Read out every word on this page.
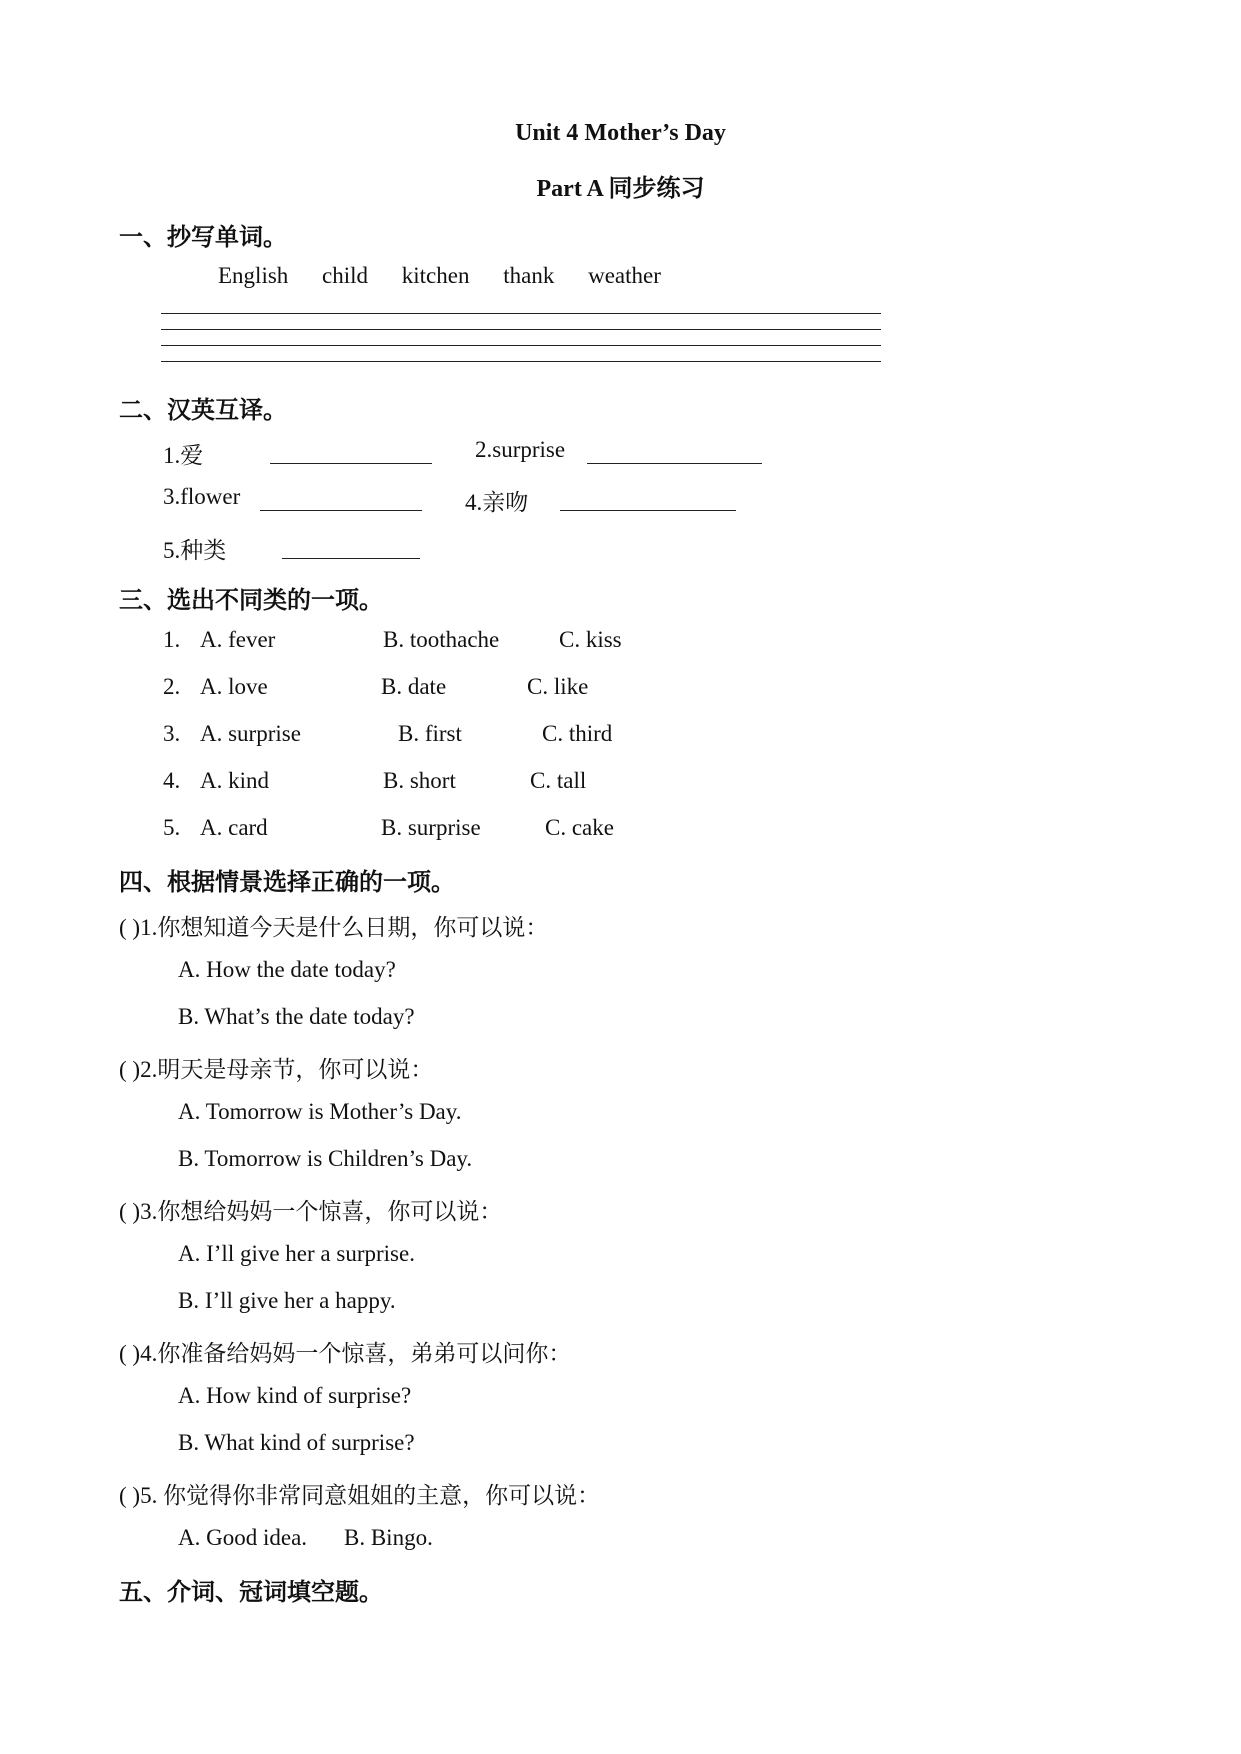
Unit 4 Mother’s Day
Part A 同步练习
一、抄写单词。
English child kitchen thank weather
二、汉英互译。
1.爱	2.surprise
3.flower	4.亲吻
5.种类
三、选出不同类的一项。
1. A. fever	B. toothache	C. kiss
2. A. love	B. date	C. like
3. A. surprise	B. first	C. third
4. A. kind	B. short	C. tall
5. A. card	B. surprise	C. cake
四、根据情景选择正确的一项。
( )1.你想知道今天是什么日期，你可以说：
A. How the date today?
B. What’s the date today?
( )2.明天是母亲节，你可以说：
A. Tomorrow is Mother’s Day.
B. Tomorrow is Children’s Day.
( )3.你想给妈妈一个惊喜，你可以说：
A. I’ll give her a surprise.
B. I’ll give her a happy.
( )4.你准备给妈妈一个惊喜，弟弟可以问你：
A. How kind of surprise?
B. What kind of surprise?
( )5. 你觉得你非常同意姐姐的主意，你可以说：
A. Good idea. B. Bingo.
五、介词、冠词填空题。
